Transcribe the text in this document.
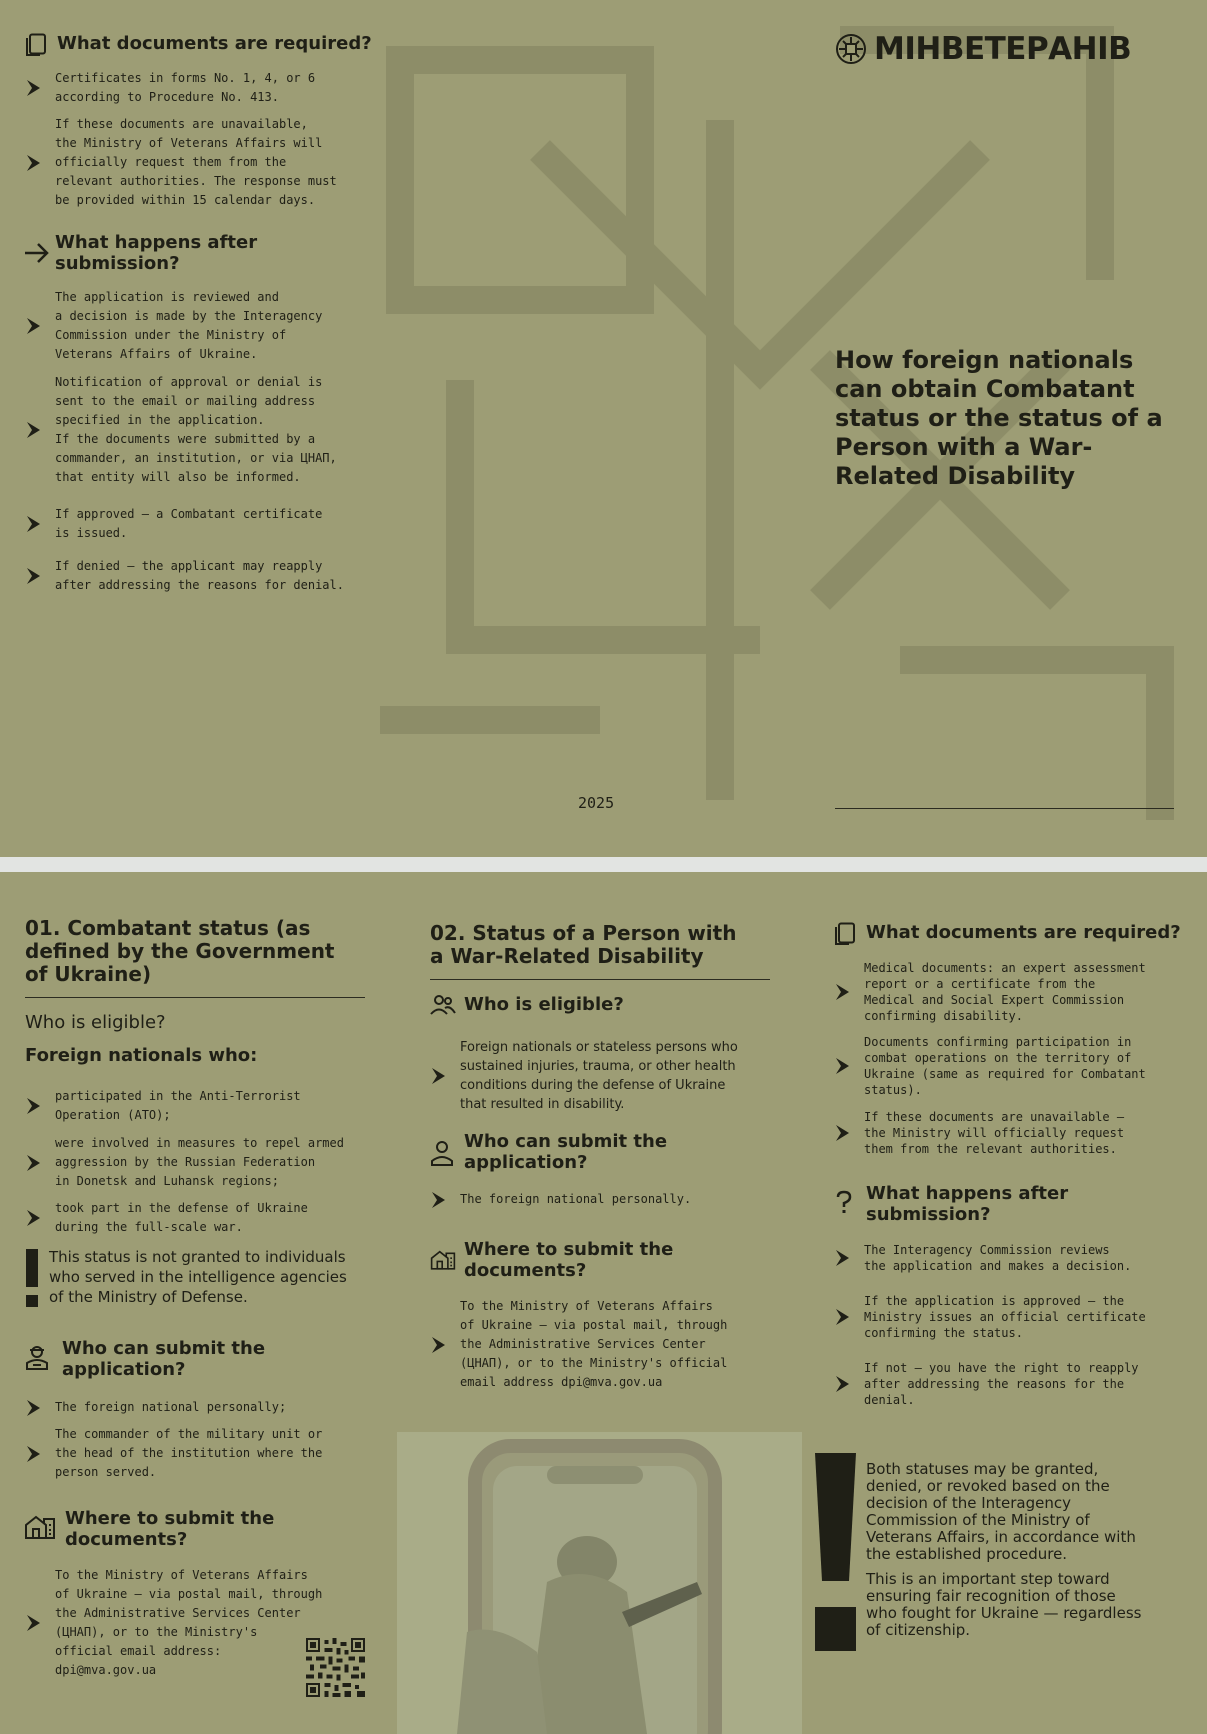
What documents are required?
Certificates in forms No. 1, 4, or 6
according to Procedure No. 413.
If these documents are unavailable,
the Ministry of Veterans Affairs will
officially request them from the
relevant authorities. The response must
be provided within 15 calendar days.
What happens after
submission?
The application is reviewed and
a decision is made by the Interagency
Commission under the Ministry of
Veterans Affairs of Ukraine.
Notification of approval or denial is
sent to the email or mailing address
specified in the application.
If the documents were submitted by a
commander, an institution, or via ЦНАП,
that entity will also be informed.
If approved – a Combatant certificate
is issued.
If denied – the applicant may reapply
after addressing the reasons for denial.
2025
МІНВЕТЕРАНІВ
How foreign nationals can obtain Combatant status or the status of a Person with a War-Related Disability
01. Combatant status (as
defined by the Government
of Ukraine)
Who is eligible?
Foreign nationals who:
participated in the Anti-Terrorist
Operation (ATO);
were involved in measures to repel armed
aggression by the Russian Federation
in Donetsk and Luhansk regions;
took part in the defense of Ukraine
during the full-scale war.
This status is not granted to individuals
who served in the intelligence agencies
of the Ministry of Defense.
Who can submit the
application?
The foreign national personally;
The commander of the military unit or
the head of the institution where the
person served.
Where to submit the
documents?
To the Ministry of Veterans Affairs
of Ukraine – via postal mail, through
the Administrative Services Center
(ЦНАП), or to the Ministry's
official email address:
dpi@mva.gov.ua
02. Status of a Person with
a War-Related Disability
Who is eligible?
Foreign nationals or stateless persons who
sustained injuries, trauma, or other health
conditions during the defense of Ukraine
that resulted in disability.
Who can submit the
application?
The foreign national personally.
Where to submit the
documents?
To the Ministry of Veterans Affairs
of Ukraine – via postal mail, through
the Administrative Services Center
(ЦНАП), or to the Ministry's official
email address dpi@mva.gov.ua
What documents are required?
Medical documents: an expert assessment
report or a certificate from the
Medical and Social Expert Commission
confirming disability.
Documents confirming participation in
combat operations on the territory of
Ukraine (same as required for Combatant
status).
If these documents are unavailable –
the Ministry will officially request
them from the relevant authorities.
What happens after
submission?
The Interagency Commission reviews
the application and makes a decision.
If the application is approved – the
Ministry issues an official certificate
confirming the status.
If not – you have the right to reapply
after addressing the reasons for the
denial.
Both statuses may be granted,
denied, or revoked based on the
decision of the Interagency
Commission of the Ministry of
Veterans Affairs, in accordance with
the established procedure.
This is an important step toward
ensuring fair recognition of those
who fought for Ukraine — regardless
of citizenship.
